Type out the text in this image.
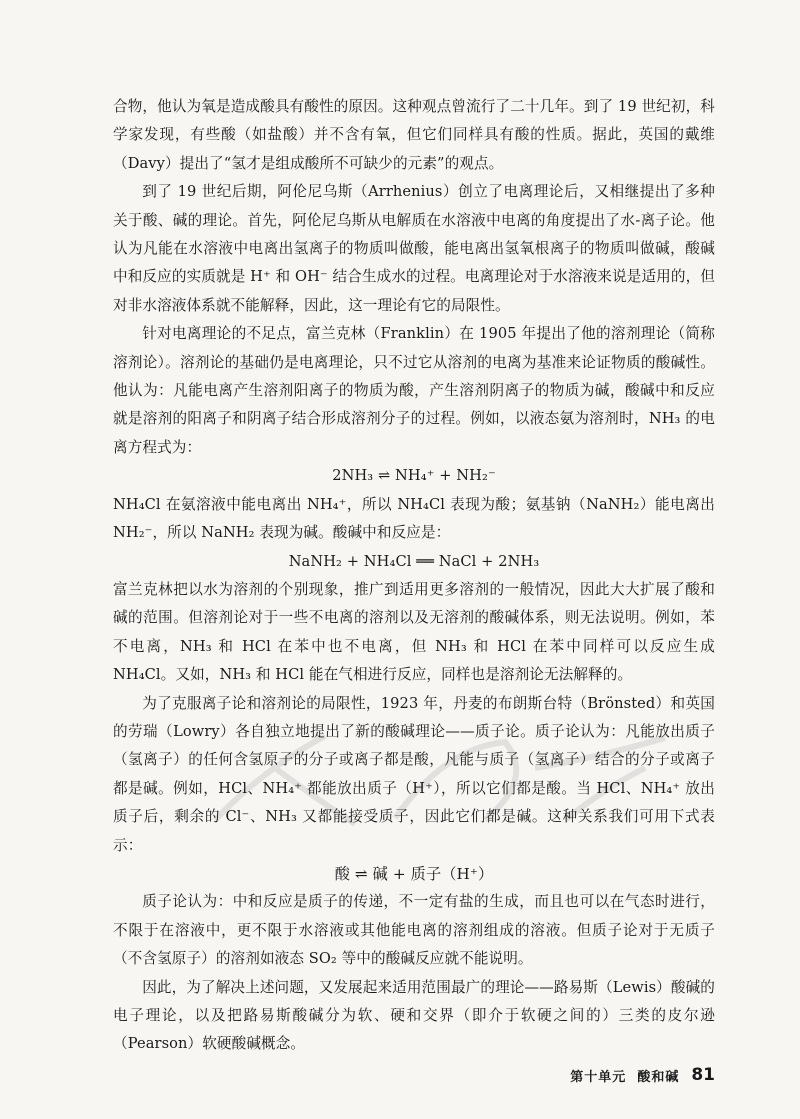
合物，他认为氧是造成酸具有酸性的原因。这种观点曾流行了二十几年。到了 19 世纪初，科学家发现，有些酸（如盐酸）并不含有氧，但它们同样具有酸的性质。据此，英国的戴维（Davy）提出了“氢才是组成酸所不可缺少的元素”的观点。

到了 19 世纪后期，阿伦尼乌斯（Arrhenius）创立了电离理论后，又相继提出了多种关于酸、碱的理论。首先，阿伦尼乌斯从电解质在水溶液中电离的角度提出了水-离子论。他认为凡能在水溶液中电离出氢离子的物质叫做酸，能电离出氢氧根离子的物质叫做碱，酸碱中和反应的实质就是 H⁺ 和 OH⁻ 结合生成水的过程。电离理论对于水溶液来说是适用的，但对非水溶液体系就不能解释，因此，这一理论有它的局限性。

针对电离理论的不足点，富兰克林（Franklin）在 1905 年提出了他的溶剂理论（简称溶剂论）。溶剂论的基础仍是电离理论，只不过它从溶剂的电离为基准来论证物质的酸碱性。他认为：凡能电离产生溶剂阳离子的物质为酸，产生溶剂阴离子的物质为碱，酸碱中和反应就是溶剂的阳离子和阴离子结合形成溶剂分子的过程。例如，以液态氨为溶剂时，NH₃ 的电离方程式为：

2NH₃ ⇌ NH₄⁺ + NH₂⁻

NH₄Cl 在氨溶液中能电离出 NH₄⁺，所以 NH₄Cl 表现为酸；氨基钠（NaNH₂）能电离出 NH₂⁻，所以 NaNH₂ 表现为碱。酸碱中和反应是：

NaNH₂ + NH₄Cl ══ NaCl + 2NH₃

富兰克林把以水为溶剂的个别现象，推广到适用更多溶剂的一般情况，因此大大扩展了酸和碱的范围。但溶剂论对于一些不电离的溶剂以及无溶剂的酸碱体系，则无法说明。例如，苯不电离，NH₃ 和 HCl 在苯中也不电离，但 NH₃ 和 HCl 在苯中同样可以反应生成 NH₄Cl。又如，NH₃ 和 HCl 能在气相进行反应，同样也是溶剂论无法解释的。

为了克服离子论和溶剂论的局限性，1923 年，丹麦的布朗斯台特（Brönsted）和英国的劳瑞（Lowry）各自独立地提出了新的酸碱理论——质子论。质子论认为：凡能放出质子（氢离子）的任何含氢原子的分子或离子都是酸，凡能与质子（氢离子）结合的分子或离子都是碱。例如，HCl、NH₄⁺ 都能放出质子（H⁺），所以它们都是酸。当 HCl、NH₄⁺ 放出质子后，剩余的 Cl⁻、NH₃ 又都能接受质子，因此它们都是碱。这种关系我们可用下式表示：

酸 ⇌ 碱 + 质子（H⁺）

质子论认为：中和反应是质子的传递，不一定有盐的生成，而且也可以在气态时进行，不限于在溶液中，更不限于水溶液或其他能电离的溶剂组成的溶液。但质子论对于无质子（不含氢原子）的溶剂如液态 SO₂ 等中的酸碱反应就不能说明。

因此，为了解决上述问题，又发展起来适用范围最广的理论——路易斯（Lewis）酸碱的电子理论，以及把路易斯酸碱分为软、硬和交界（即介于软硬之间的）三类的皮尔逊（Pearson）软硬酸碱概念。

第十单元  酸和碱 81
